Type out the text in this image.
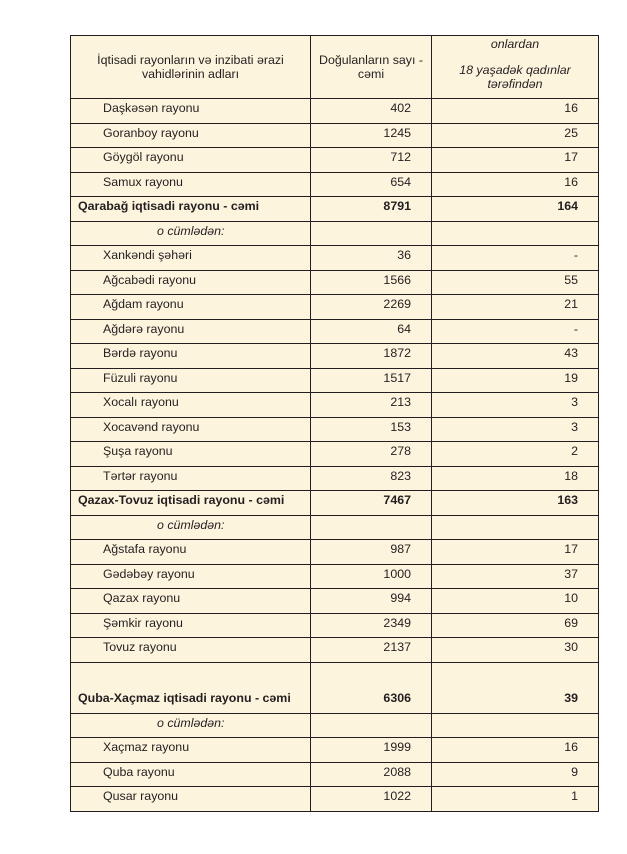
İqtisadi rayonların və inzibati ərazi vahidlərinin adları	Doğulanların sayı - cəmi	onlardan
18 yaşadək qadınlar tərəfindən

Daşkəsən rayonu	402	16
Goranboy rayonu	1245	25
Göygöl rayonu	712	17
Samux rayonu	654	16
Qarabağ iqtisadi rayonu - cəmi	8791	164
o cümlədən:		
Xankəndi şəhəri	36	-
Ağcabədi rayonu	1566	55
Ağdam rayonu	2269	21
Ağdərə rayonu	64	-
Bərdə rayonu	1872	43
Füzuli rayonu	1517	19
Xocalı rayonu	213	3
Xocavənd rayonu	153	3
Şuşa rayonu	278	2
Tərtər rayonu	823	18
Qazax-Tovuz iqtisadi rayonu - cəmi	7467	163
o cümlədən:		
Ağstafa rayonu	987	17
Gədəbəy rayonu	1000	37
Qazax rayonu	994	10
Şəmkir rayonu	2349	69
Tovuz rayonu	2137	30
Quba-Xaçmaz iqtisadi rayonu - cəmi	6306	39
o cümlədən:		
Xaçmaz rayonu	1999	16
Quba rayonu	2088	9
Qusar rayonu	1022	1
